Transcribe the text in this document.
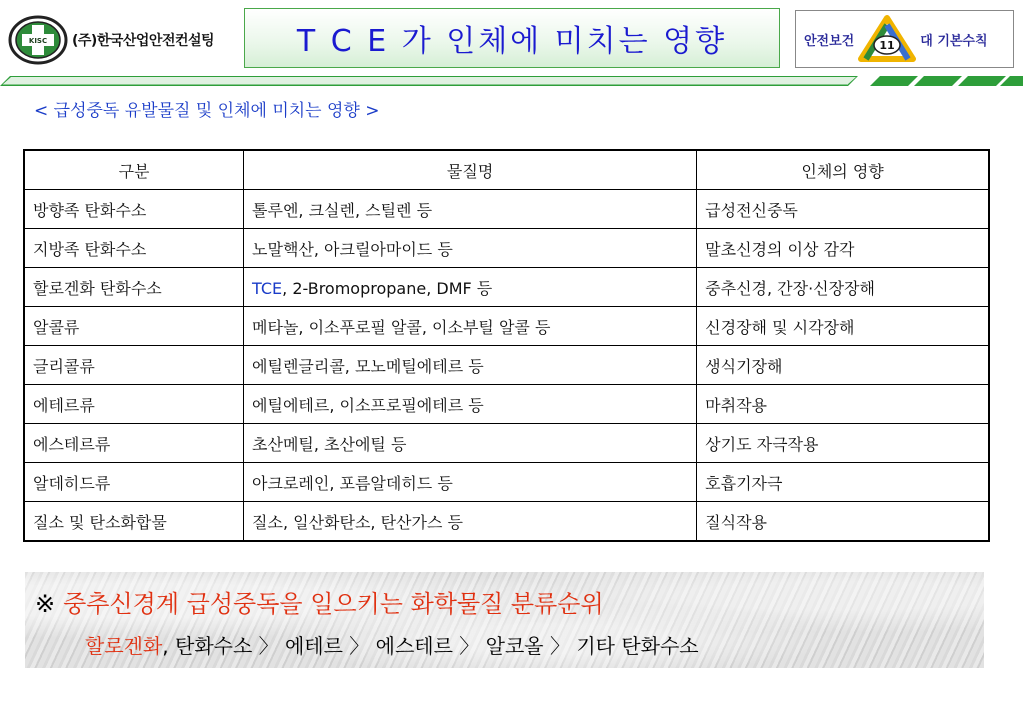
KISC (주)한국산업안전컨설팅	T C E 가 인체에 미치는 영향	안전보건 11 대 기본수칙
< 급성중독 유발물질 및 인체에 미치는 영향 >
구분	물질명	인체의 영향
방향족 탄화수소	톨루엔, 크실렌, 스틸렌 등	급성전신중독
지방족 탄화수소	노말핵산, 아크릴아마이드 등	말초신경의 이상 감각
할로겐화 탄화수소	TCE, 2-Bromopropane, DMF 등	중추신경, 간장·신장장해
알콜류	메타놀, 이소푸로필 알콜, 이소부틸 알콜 등	신경장해 및 시각장해
글리콜류	에틸렌글리콜, 모노메틸에테르 등	생식기장해
에테르류	에틸에테르, 이소프로필에테르 등	마취작용
에스테르류	초산메틸, 초산에틸 등	상기도 자극작용
알데히드류	아크로레인, 포름알데히드 등	호흡기자극
질소 및 탄소화합물	질소, 일산화탄소, 탄산가스 등	질식작용
※ 중추신경계 급성중독을 일으키는 화학물질 분류순위
할로겐화, 탄화수소 〉 에테르 〉 에스테르 〉 알코올 〉 기타 탄화수소
